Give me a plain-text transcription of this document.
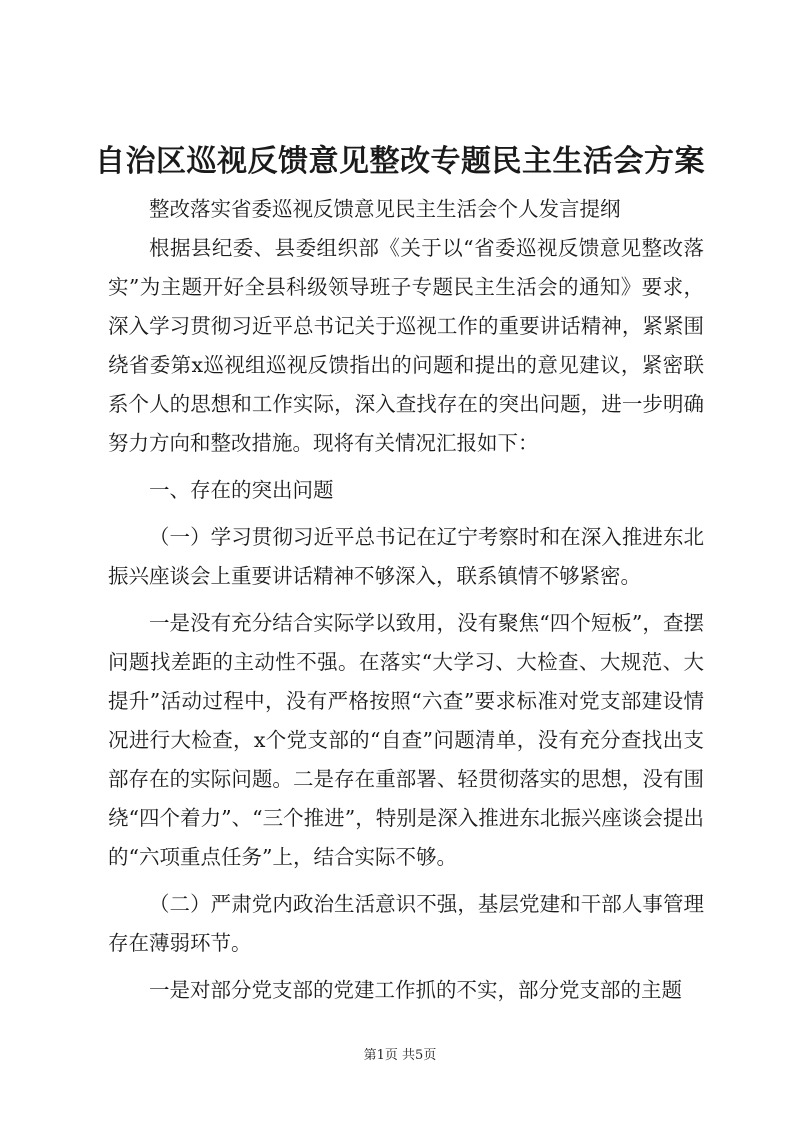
自治区巡视反馈意见整改专题民主生活会方案

整改落实省委巡视反馈意见民主生活会个人发言提纲

根据县纪委、县委组织部《关于以“省委巡视反馈意见整改落实”为主题开好全县科级领导班子专题民主生活会的通知》要求，深入学习贯彻习近平总书记关于巡视工作的重要讲话精神，紧紧围绕省委第x巡视组巡视反馈指出的问题和提出的意见建议，紧密联系个人的思想和工作实际，深入查找存在的突出问题，进一步明确努力方向和整改措施。现将有关情况汇报如下：

一、存在的突出问题

（一）学习贯彻习近平总书记在辽宁考察时和在深入推进东北振兴座谈会上重要讲话精神不够深入，联系镇情不够紧密。

一是没有充分结合实际学以致用，没有聚焦“四个短板”，查摆问题找差距的主动性不强。在落实“大学习、大检查、大规范、大提升”活动过程中，没有严格按照“六查”要求标准对党支部建设情况进行大检查，x个党支部的“自查”问题清单，没有充分查找出支部存在的实际问题。二是存在重部署、轻贯彻落实的思想，没有围绕“四个着力”、“三个推进”，特别是深入推进东北振兴座谈会提出的“六项重点任务”上，结合实际不够。

（二）严肃党内政治生活意识不强，基层党建和干部人事管理存在薄弱环节。

一是对部分党支部的党建工作抓的不实，部分党支部的主题

第1页 共5页
